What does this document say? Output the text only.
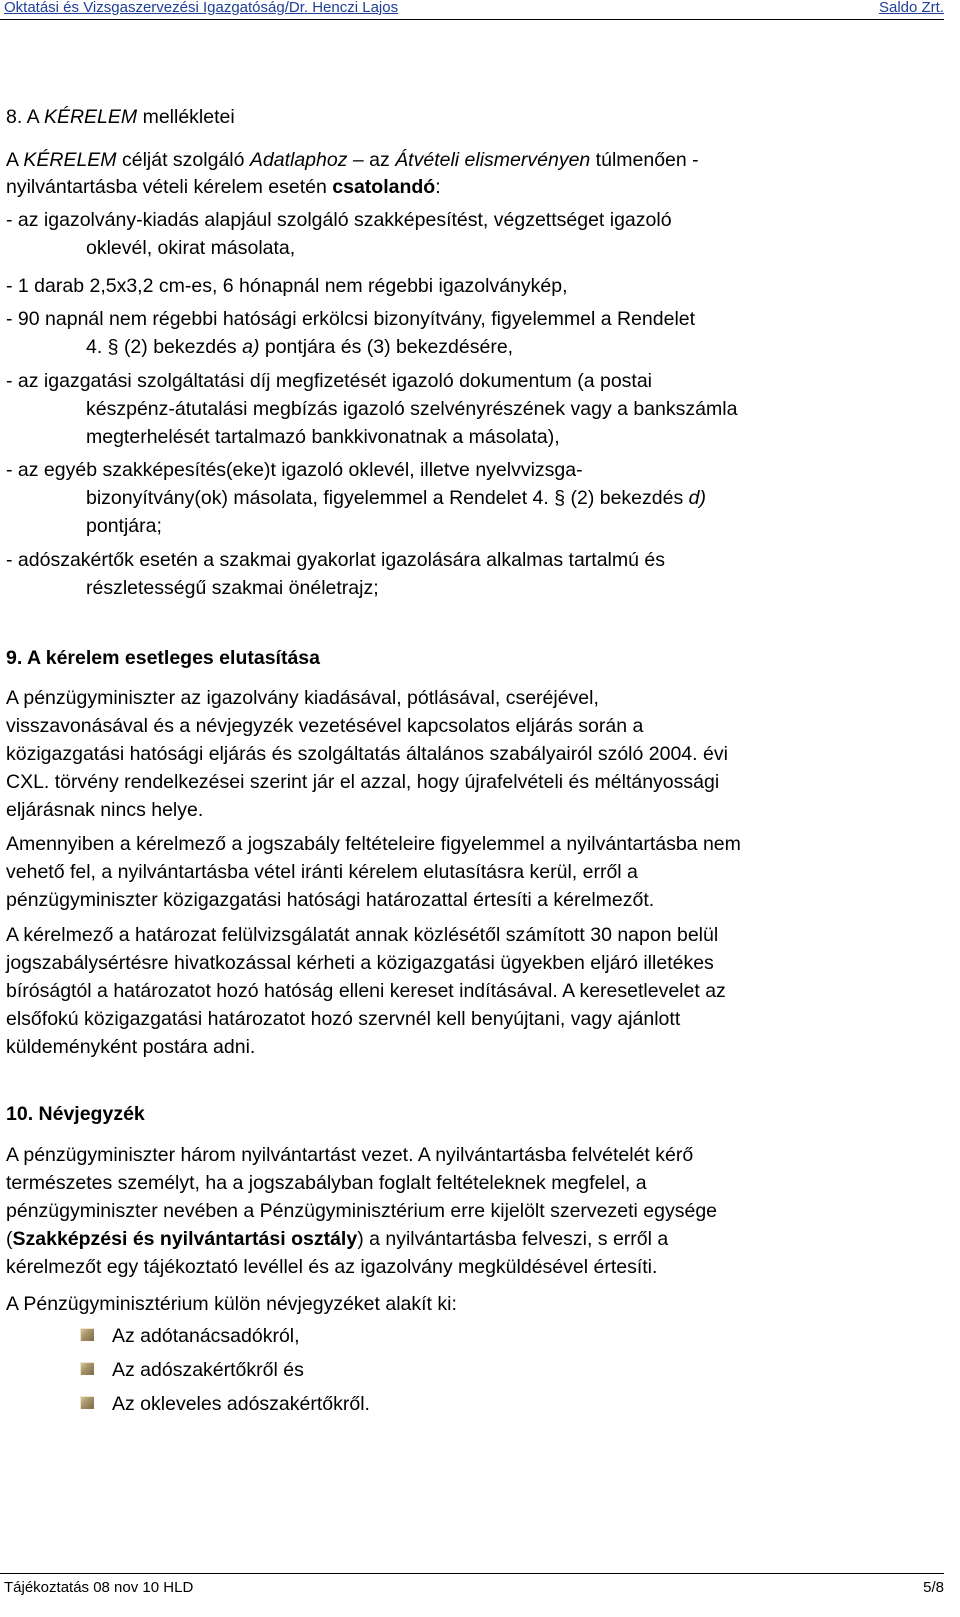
Oktatási és Vizsgaszervezési Igazgatóság/Dr. Henczi Lajos	Saldo Zrt.
8. A KÉRELEM mellékletei
A KÉRELEM célját szolgáló Adatlaphoz – az Átvételi elismervényen túlmenően -
nyilvántartásba vételi kérelem esetén csatolandó:
- az igazolvány-kiadás alapjául szolgáló szakképesítést, végzettséget igazoló
oklevél, okirat másolata,
- 1 darab 2,5x3,2 cm-es, 6 hónapnál nem régebbi igazolványkép,
- 90 napnál nem régebbi hatósági erkölcsi bizonyítvány, figyelemmel a Rendelet
4. § (2) bekezdés a) pontjára és (3) bekezdésére,
- az igazgatási szolgáltatási díj megfizetését igazoló dokumentum (a postai
készpénz-átutalási megbízás igazoló szelvényrészének vagy a bankszámla
megterhelését tartalmazó bankkivonatnak a másolata),
- az egyéb szakképesítés(eke)t igazoló oklevél, illetve nyelvvizsga-
bizonyítvány(ok) másolata, figyelemmel a Rendelet 4. § (2) bekezdés d)
pontjára;
- adószakértők esetén a szakmai gyakorlat igazolására alkalmas tartalmú és
részletességű szakmai önéletrajz;
9. A kérelem esetleges elutasítása
A pénzügyminiszter az igazolvány kiadásával, pótlásával, cseréjével,
visszavonásával és a névjegyzék vezetésével kapcsolatos eljárás során a
közigazgatási hatósági eljárás és szolgáltatás általános szabályairól szóló 2004. évi
CXL. törvény rendelkezései szerint jár el azzal, hogy újrafelvételi és méltányossági
eljárásnak nincs helye.
Amennyiben a kérelmező a jogszabály feltételeire figyelemmel a nyilvántartásba nem
vehető fel, a nyilvántartásba vétel iránti kérelem elutasításra kerül, erről a
pénzügyminiszter közigazgatási hatósági határozattal értesíti a kérelmezőt.
A kérelmező a határozat felülvizsgálatát annak közlésétől számított 30 napon belül
jogszabálysértésre hivatkozással kérheti a közigazgatási ügyekben eljáró illetékes
bíróságtól a határozatot hozó hatóság elleni kereset indításával. A keresetlevelet az
elsőfokú közigazgatási határozatot hozó szervnél kell benyújtani, vagy ajánlott
küldeményként postára adni.
10. Névjegyzék
A pénzügyminiszter három nyilvántartást vezet. A nyilvántartásba felvételét kérő
természetes személyt, ha a jogszabályban foglalt feltételeknek megfelel, a
pénzügyminiszter nevében a Pénzügyminisztérium erre kijelölt szervezeti egysége
(Szakképzési és nyilvántartási osztály) a nyilvántartásba felveszi, s erről a
kérelmezőt egy tájékoztató levéllel és az igazolvány megküldésével értesíti.
A Pénzügyminisztérium külön névjegyzéket alakít ki:
Az adótanácsadókról,
Az adószakértőkről és
Az okleveles adószakértőkről.
Tájékoztatás 08 nov 10 HLD	5/8
